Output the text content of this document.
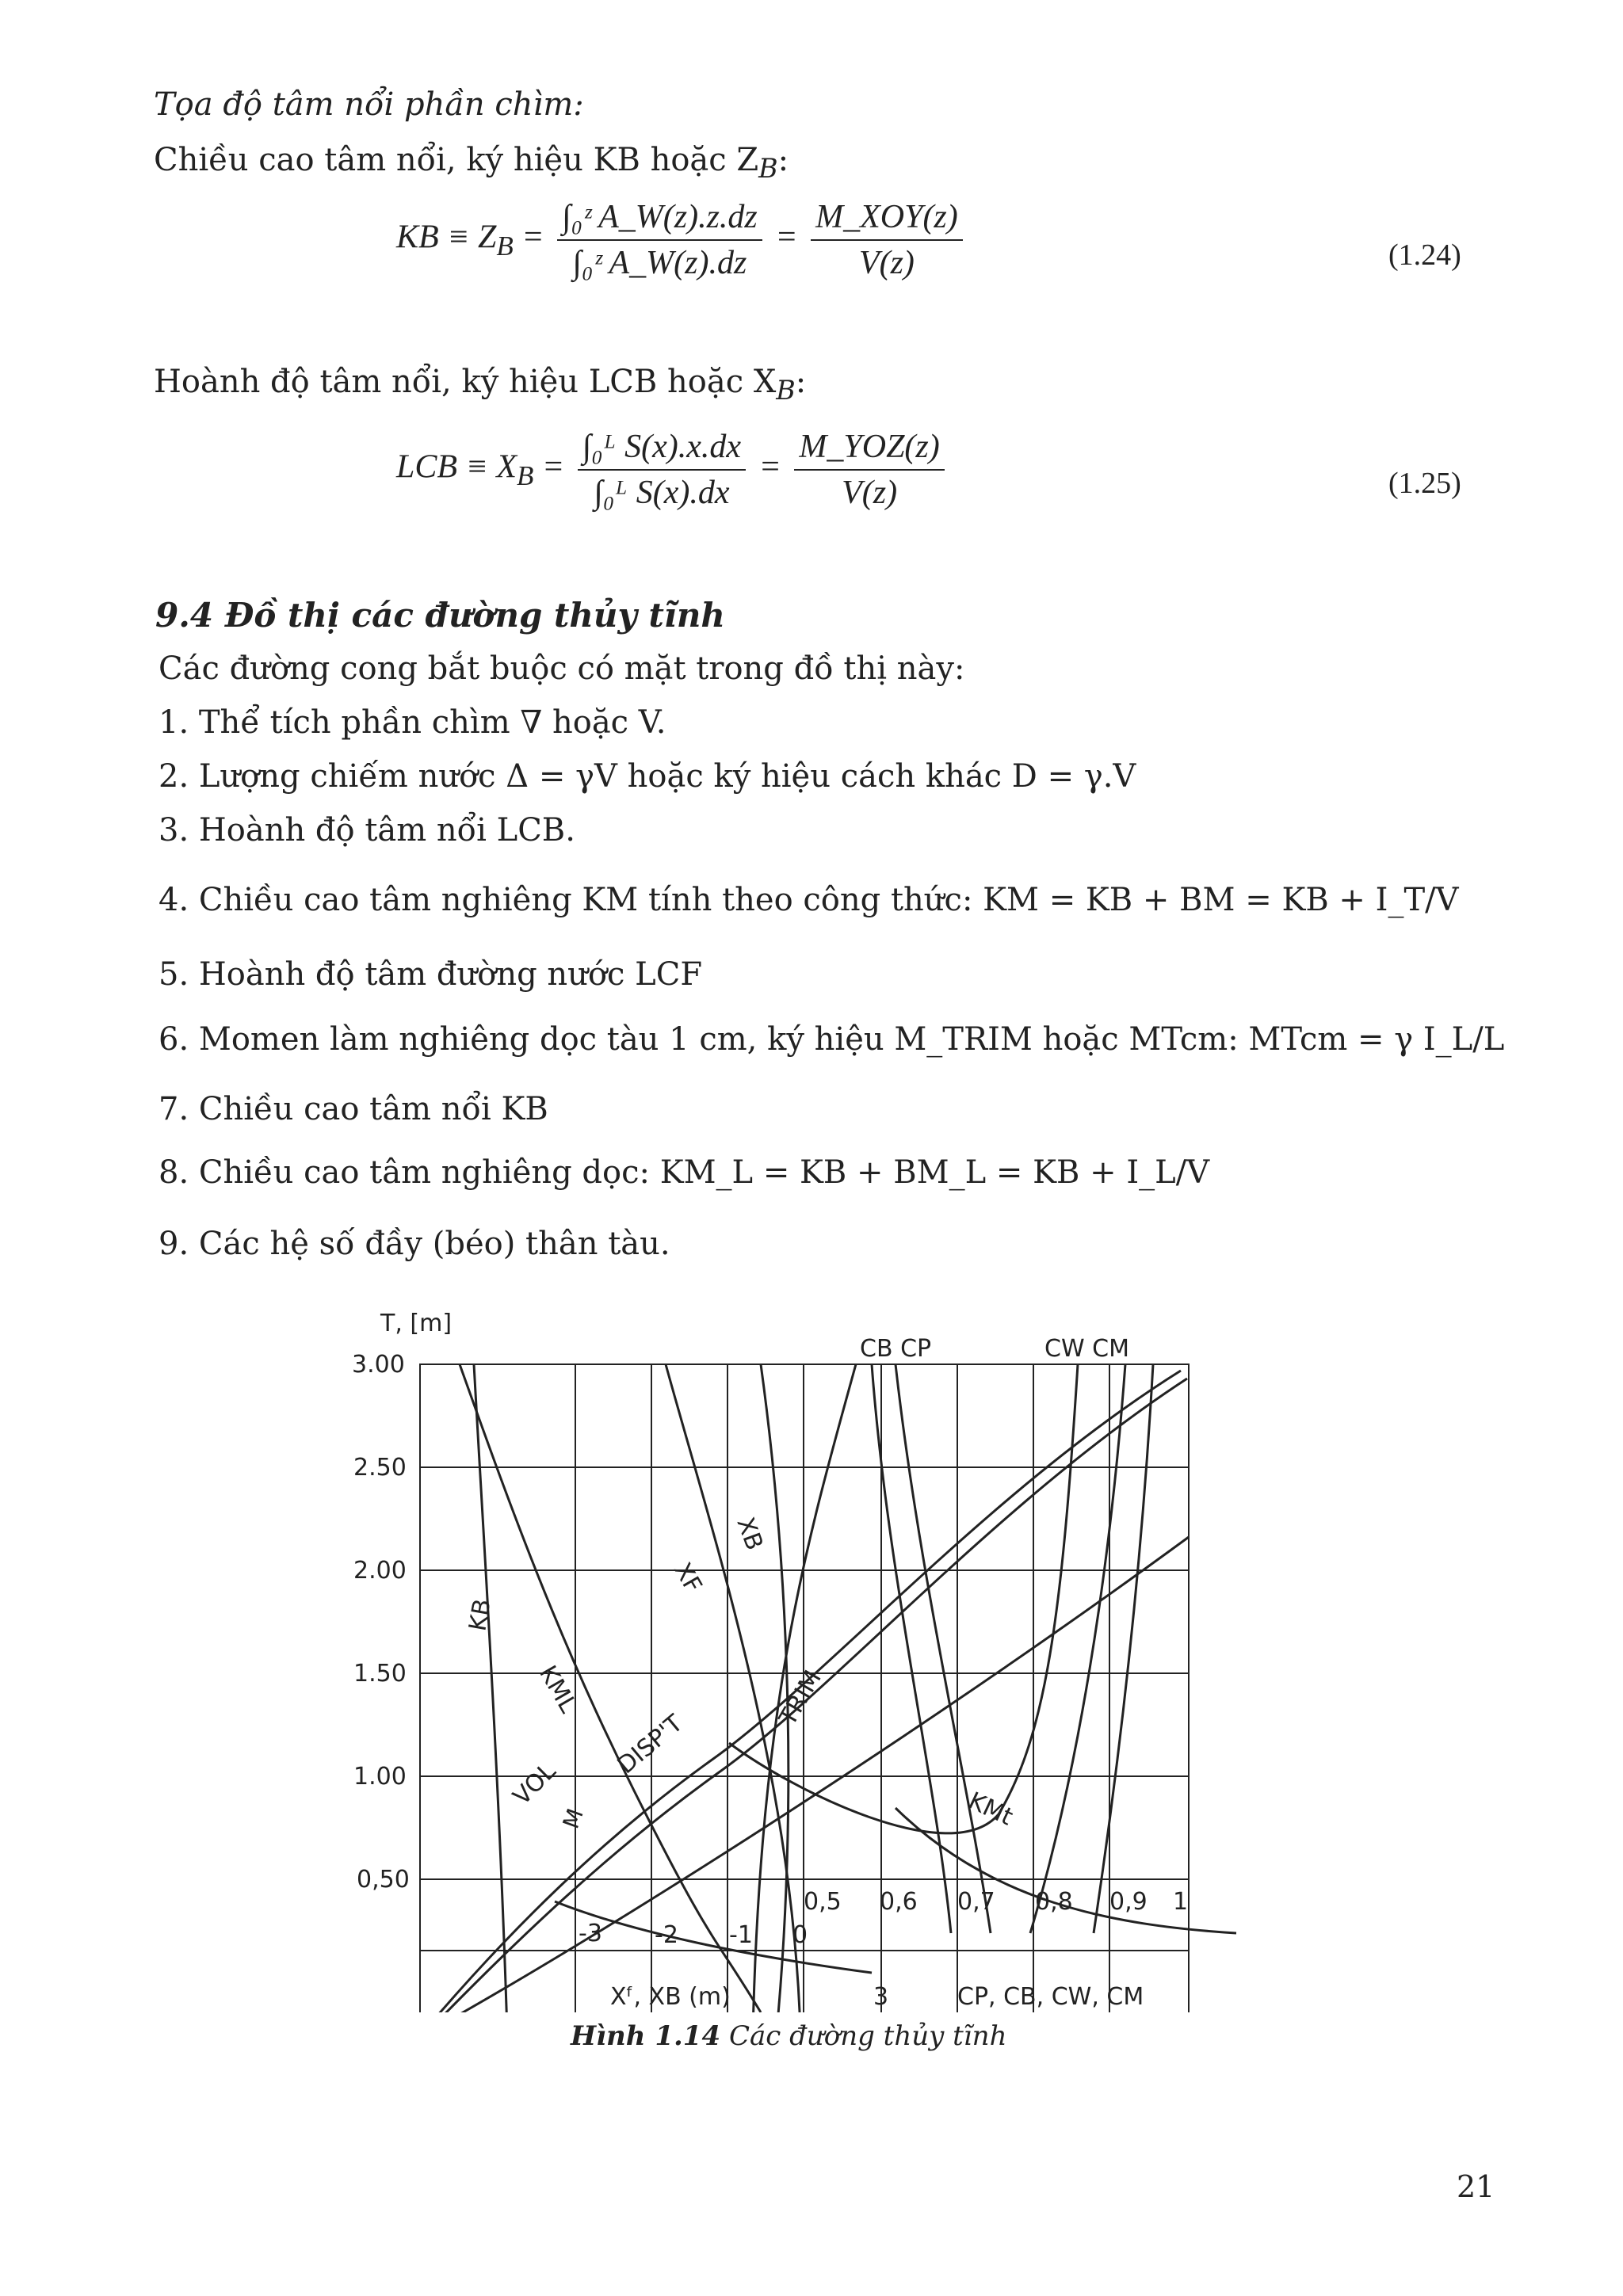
Tọa độ tâm nổi phần chìm:
Chiều cao tâm nổi, ký hiệu KB hoặc $Z_B$:
KB ≡ $Z_B = \frac{\text{∫₀ᶻ A\_W(z).z.dz}}{\text{∫₀ᶻ A\_W(z).dz}} = \frac{\text{M\_XOY(z)}}{V(z)}$	(1.24)
Hoành độ tâm nổi, ký hiệu LCB hoặc $X_B$:
LCB ≡ $X_B = \frac{\text{∫₀ᴸ S(x).x.dx}}{\text{∫₀ᴸ S(x).dx}} = \frac{\text{M\_YOZ(z)}}{V(z)}$	(1.25)
9.4 Đồ thị các đường thủy tĩnh
Các đường cong bắt buộc có mặt trong đồ thị này:
1. Thể tích phần chìm ∇ hoặc V.
2. Lượng chiếm nước Δ = γV hoặc ký hiệu cách khác D = γ.V
3. Hoành độ tâm nổi LCB.
4. Chiều cao tâm nghiêng KM tính theo công thức: KM = KB + BM = KB + I_T/V
5. Hoành độ tâm đường nước LCF
6. Momen làm nghiêng dọc tàu 1 cm, ký hiệu M_TRIM hoặc MTcm: MTcm = γ I_L/L
7. Chiều cao tâm nổi KB
8. Chiều cao tâm nghiêng dọc: KM_L = KB + BM_L = KB + I_L/V
9. Các hệ số đầy (béo) thân tàu.
T, [m]
3.00
2.50
2.00
1.50
1.00
0,50
CB CP	CW CM
KB
KML
VOL
DISP'T
XF
XB
TRIM
KMt
M
-3 -2 -1 0
3
Xᶠ, XB (m)
0,5 0,6 0,7 0,8 0,9 1
CP, CB, CW, CM
Hình 1.14 Các đường thủy tĩnh
21
